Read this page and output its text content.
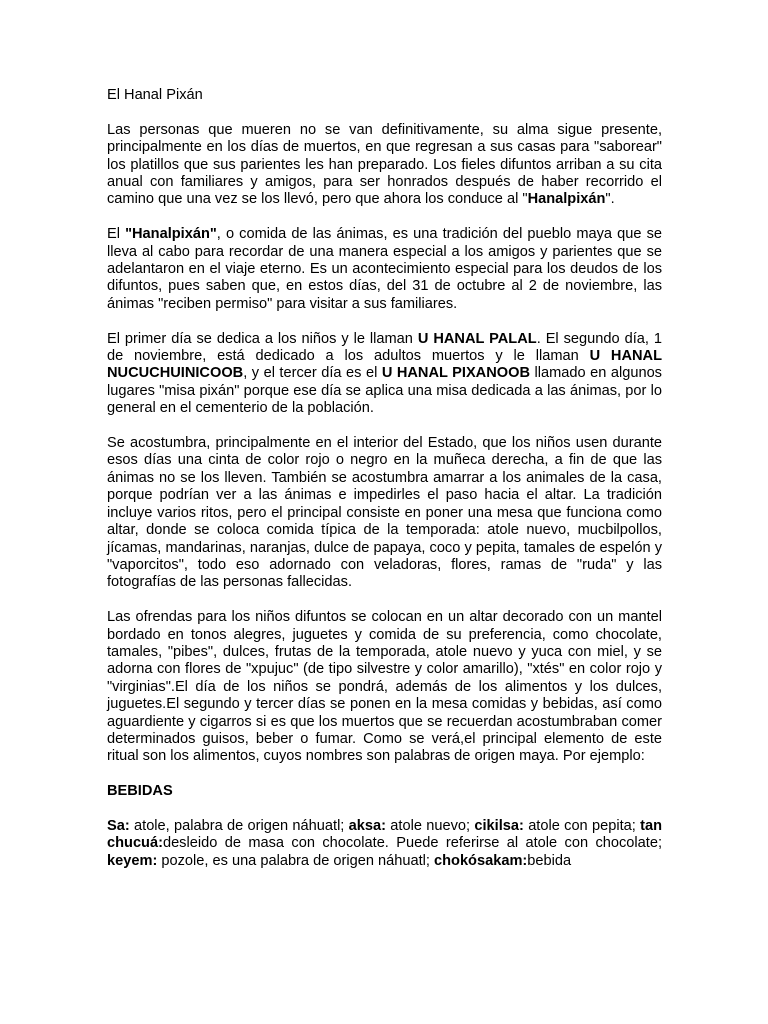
El Hanal Pixán

Las personas que mueren no se van definitivamente, su alma sigue presente, principalmente en los días de muertos, en que regresan a sus casas para "saborear" los platillos que sus parientes les han preparado. Los fieles difuntos arriban a su cita anual con familiares y amigos, para ser honrados después de haber recorrido el camino que una vez se los llevó, pero que ahora los conduce al "Hanalpixán".

El "Hanalpixán", o comida de las ánimas, es una tradición del pueblo maya que se lleva al cabo para recordar de una manera especial a los amigos y parientes que se adelantaron en el viaje eterno. Es un acontecimiento especial para los deudos de los difuntos, pues saben que, en estos días, del 31 de octubre al 2 de noviembre, las ánimas "reciben permiso" para visitar a sus familiares.

El primer día se dedica a los niños y le llaman U HANAL PALAL. El segundo día, 1 de noviembre, está dedicado a los adultos muertos y le llaman U HANAL NUCUCHUINICOOB, y el tercer día es el U HANAL PIXANOOB llamado en algunos lugares "misa pixán" porque ese día se aplica una misa dedicada a las ánimas, por lo general en el cementerio de la población.

Se acostumbra, principalmente en el interior del Estado, que los niños usen durante esos días una cinta de color rojo o negro en la muñeca derecha, a fin de que las ánimas no se los lleven. También se acostumbra amarrar a los animales de la casa, porque podrían ver a las ánimas e impedirles el paso hacia el altar. La tradición incluye varios ritos, pero el principal consiste en poner una mesa que funciona como altar, donde se coloca comida típica de la temporada: atole nuevo, mucbilpollos, jícamas, mandarinas, naranjas, dulce de papaya, coco y pepita, tamales de espelón y "vaporcitos", todo eso adornado con veladoras, flores, ramas de "ruda" y las fotografías de las personas fallecidas.

Las ofrendas para los niños difuntos se colocan en un altar decorado con un mantel bordado en tonos alegres, juguetes y comida de su preferencia, como chocolate, tamales, "pibes", dulces, frutas de la temporada, atole nuevo y yuca con miel, y se adorna con flores de "xpujuc" (de tipo silvestre y color amarillo), "xtés" en color rojo y "virginias".El día de los niños se pondrá, además de los alimentos y los dulces, juguetes.El segundo y tercer días se ponen en la mesa comidas y bebidas, así como aguardiente y cigarros si es que los muertos que se recuerdan acostumbraban comer determinados guisos, beber o fumar. Como se verá,el principal elemento de este ritual son los alimentos, cuyos nombres son palabras de origen maya. Por ejemplo:

BEBIDAS

Sa: atole, palabra de origen náhuatl; aksa: atole nuevo; cikilsa: atole con pepita; tan chucuá:desleido de masa con chocolate. Puede referirse al atole con chocolate; keyem: pozole, es una palabra de origen náhuatl; chokósakam:bebida
